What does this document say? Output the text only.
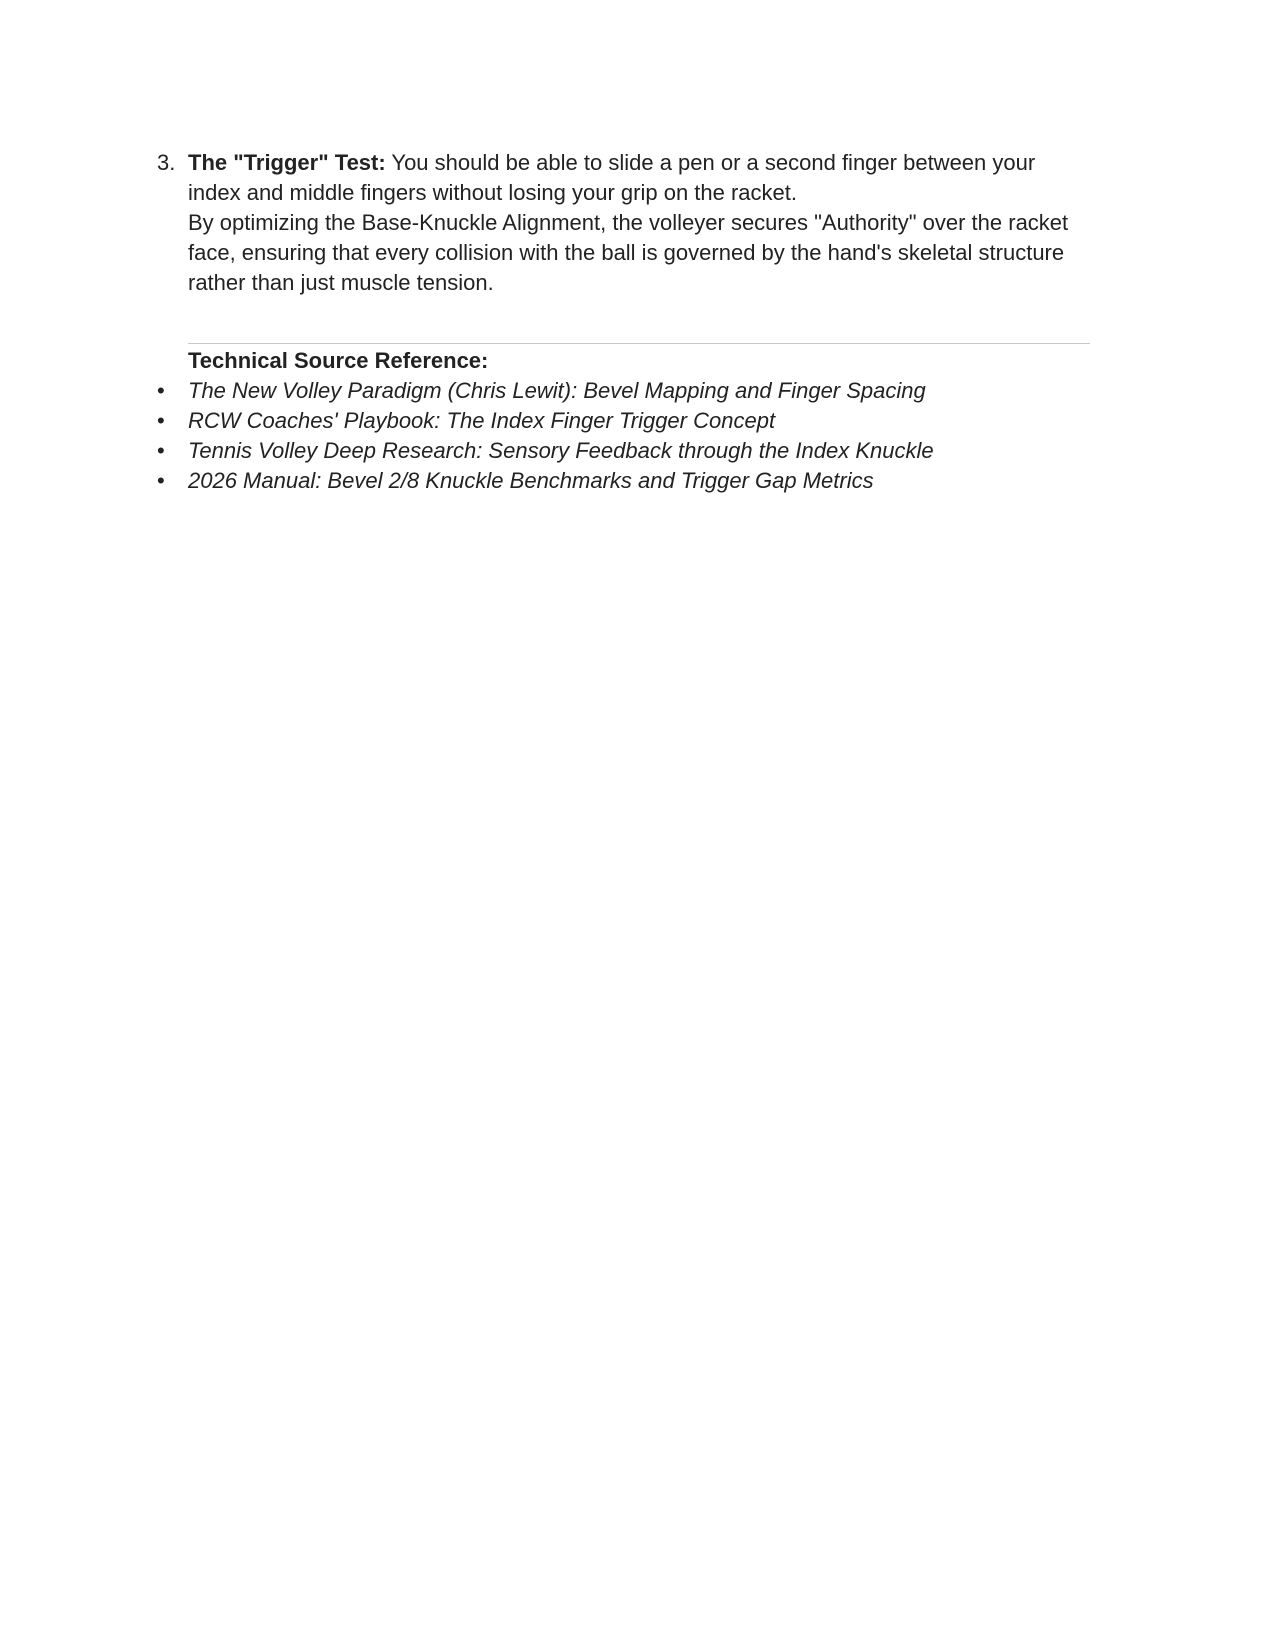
3. The "Trigger" Test: You should be able to slide a pen or a second finger between your index and middle fingers without losing your grip on the racket.

By optimizing the Base-Knuckle Alignment, the volleyer secures "Authority" over the racket face, ensuring that every collision with the ball is governed by the hand's skeletal structure rather than just muscle tension.

Technical Source Reference:

•	The New Volley Paradigm (Chris Lewit): Bevel Mapping and Finger Spacing
•	RCW Coaches' Playbook: The Index Finger Trigger Concept
•	Tennis Volley Deep Research: Sensory Feedback through the Index Knuckle
•	2026 Manual: Bevel 2/8 Knuckle Benchmarks and Trigger Gap Metrics
